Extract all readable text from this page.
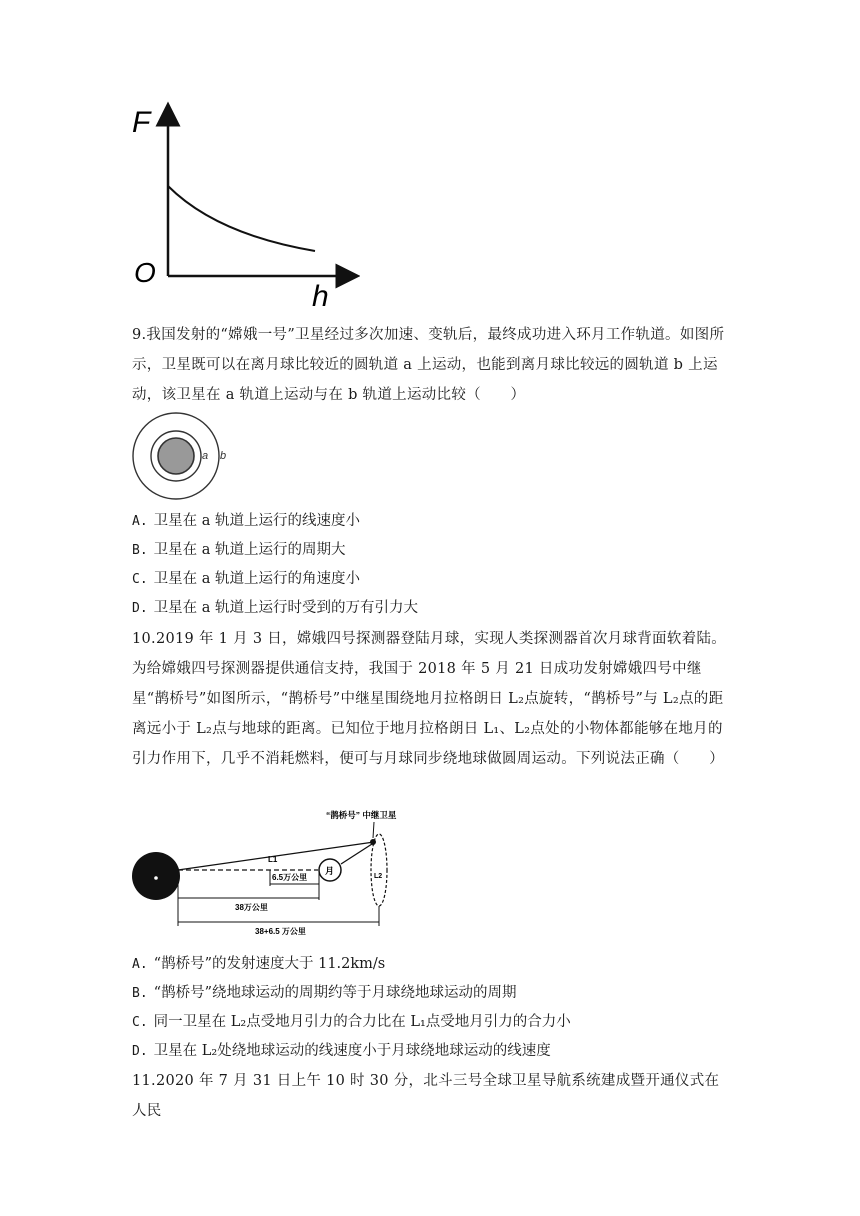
F
O
h

9.我国发射的“嫦娥一号”卫星经过多次加速、变轨后，最终成功进入环月工作轨道。如图所示，卫星既可以在离月球比较近的圆轨道 a 上运动，也能到离月球比较远的圆轨道 b 上运动，该卫星在 a 轨道上运动与在 b 轨道上运动比较（　　）

a b
A. 卫星在 a 轨道上运行的线速度小
B. 卫星在 a 轨道上运行的周期大
C. 卫星在 a 轨道上运行的角速度小
D. 卫星在 a 轨道上运行时受到的万有引力大

10.2019 年 1 月 3 日，嫦娥四号探测器登陆月球，实现人类探测器首次月球背面软着陆。为给嫦娥四号探测器提供通信支持，我国于 2018 年 5 月 21 日成功发射嫦娥四号中继星“鹊桥号”如图所示，“鹊桥号”中继星围绕地月拉格朗日 L₂点旋转，“鹊桥号”与 L₂点的距离远小于 L₂点与地球的距离。已知位于地月拉格朗日 L₁、L₂点处的小物体都能够在地月的引力作用下，几乎不消耗燃料，便可与月球同步绕地球做圆周运动。下列说法正确（　　）

L1
月
“鹊桥号” 中继卫星
L2
6.5万公里
38万公里
38+6.5 万公里
A. “鹊桥号”的发射速度大于 11.2km/s
B. “鹊桥号”绕地球运动的周期约等于月球绕地球运动的周期
C. 同一卫星在 L₂点受地月引力的合力比在 L₁点受地月引力的合力小
D. 卫星在 L₂处绕地球运动的线速度小于月球绕地球运动的线速度

11.2020 年 7 月 31 日上午 10 时 30 分，北斗三号全球卫星导航系统建成暨开通仪式在人民
